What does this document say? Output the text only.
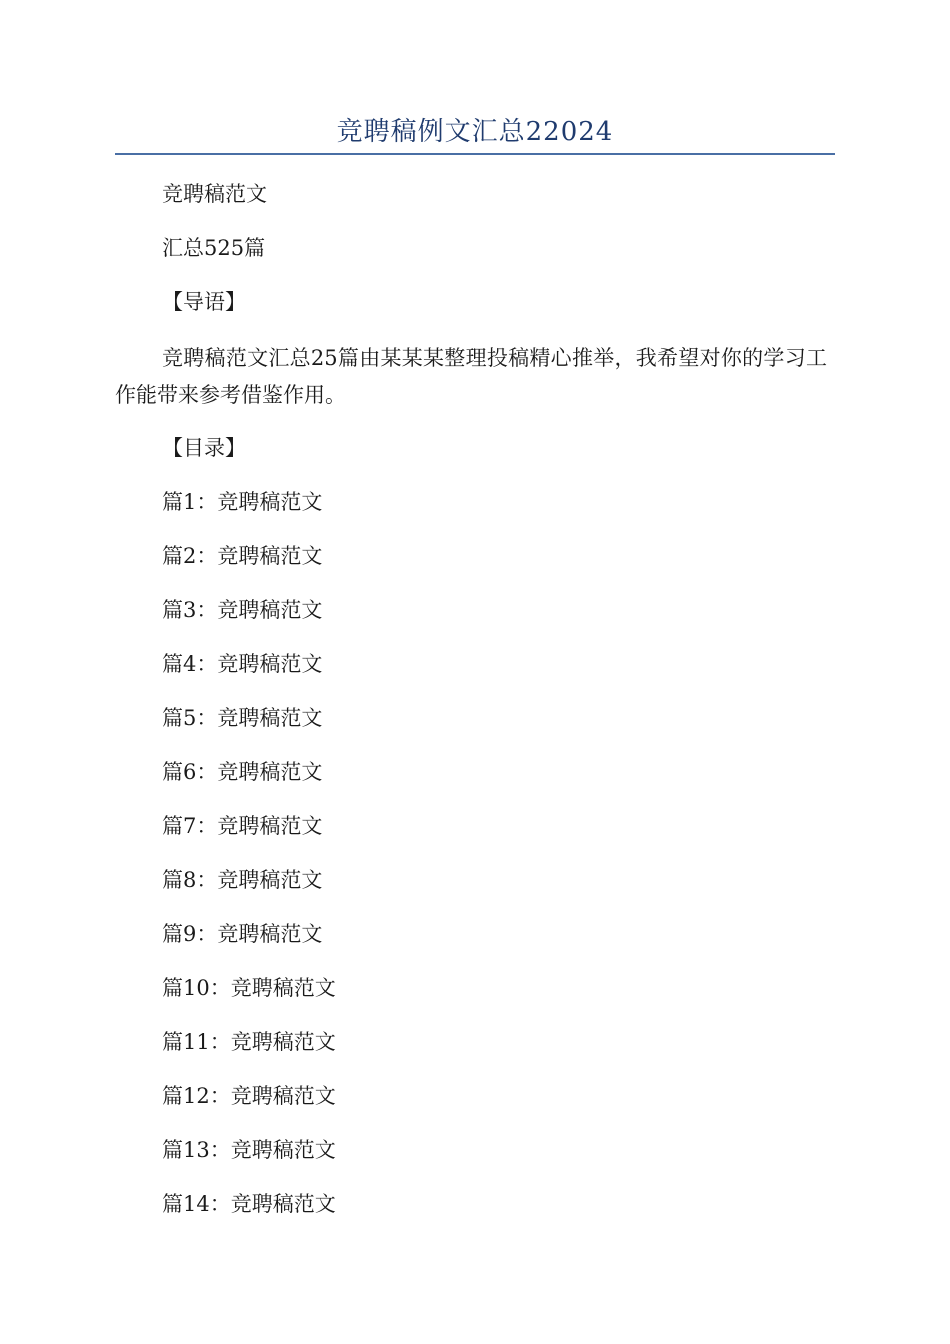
竞聘稿例文汇总22024
竞聘稿范文
汇总525篇
【导语】
竞聘稿范文汇总25篇由某某某整理投稿精心推举，我希望对你的学习工作能带来参考借鉴作用。
【目录】
篇1：竞聘稿范文
篇2：竞聘稿范文
篇3：竞聘稿范文
篇4：竞聘稿范文
篇5：竞聘稿范文
篇6：竞聘稿范文
篇7：竞聘稿范文
篇8：竞聘稿范文
篇9：竞聘稿范文
篇10：竞聘稿范文
篇11：竞聘稿范文
篇12：竞聘稿范文
篇13：竞聘稿范文
篇14：竞聘稿范文
